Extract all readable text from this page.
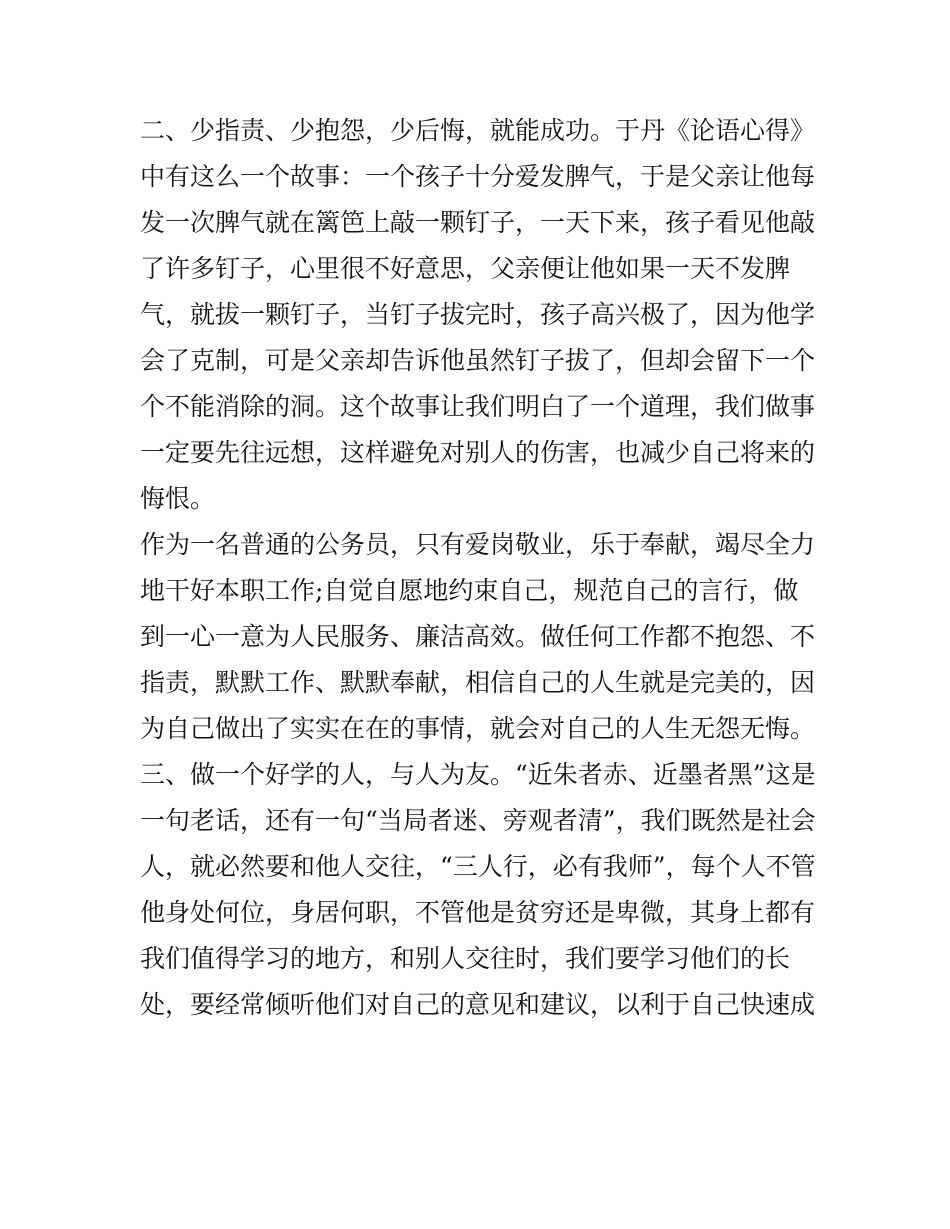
二、少指责、少抱怨，少后悔，就能成功。于丹《论语心得》
中有这么一个故事：一个孩子十分爱发脾气，于是父亲让他每
发一次脾气就在篱笆上敲一颗钉子，一天下来，孩子看见他敲
了许多钉子，心里很不好意思，父亲便让他如果一天不发脾
气，就拔一颗钉子，当钉子拔完时，孩子高兴极了，因为他学
会了克制，可是父亲却告诉他虽然钉子拔了，但却会留下一个
个不能消除的洞。这个故事让我们明白了一个道理，我们做事
一定要先往远想，这样避免对别人的伤害，也减少自己将来的
悔恨。
作为一名普通的公务员，只有爱岗敬业，乐于奉献，竭尽全力
地干好本职工作;自觉自愿地约束自己，规范自己的言行，做
到一心一意为人民服务、廉洁高效。做任何工作都不抱怨、不
指责，默默工作、默默奉献，相信自己的人生就是完美的，因
为自己做出了实实在在的事情，就会对自己的人生无怨无悔。
三、做一个好学的人，与人为友。“近朱者赤、近墨者黑”这是
一句老话，还有一句“当局者迷、旁观者清”，我们既然是社会
人，就必然要和他人交往，“三人行，必有我师”，每个人不管
他身处何位，身居何职，不管他是贫穷还是卑微，其身上都有
我们值得学习的地方，和别人交往时，我们要学习他们的长
处，要经常倾听他们对自己的意见和建议，以利于自己快速成
